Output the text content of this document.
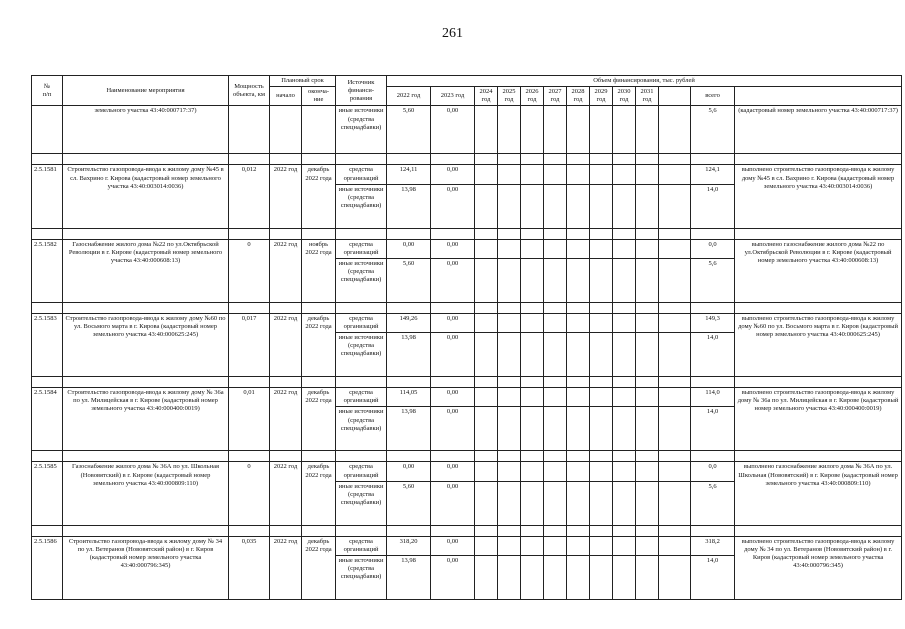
261
№
п/п	Наименование мероприятия	Мощность объекта, км	Плановый срок		Источник финанси-рования	Объем финансирования, тыс. рублей	
			начало	оконча-ние		2022 год	2023 год	2024 год	2025 год	2026 год	2027 год	2028 год	2029 год	2030 год	2031 год		всего		
	земельного участка 43:40:000717:37)				иные источники (средства спецнадбавки)	5,60	0,00										5,6	(кадастровый номер земельного участка 43:40:000717:37)	

2.5.1581	Строительство газопровода-ввода к жилому дому №45 в сл. Вахрино г. Кирова (кадастровый номер земельного участка 43:40:003014:0036)	0,012	2022 год	декабрь 2022 года	средства организаций	124,11	0,00										124,1	выполнено строительство газопровода-ввода к жилому дому №45 в сл. Вахрино г. Кирова (кадастровый номер земельного участка 43:40:003014:0036)	
					иные источники (средства спецнадбавки)	13,98	0,00										14,0		

2.5.1582	Газоснабжение жилого дома №22 по ул.Октябрьской Революции в г. Кирове (кадастровый номер земельного участка 43:40:000608:13)	0	2022 год	ноябрь 2022 года	средства организаций	0,00	0,00										0,0	выполнено газоснабжение жилого дома №22 по ул.Октябрьской Революции в г. Кирове (кадастровый номер земельного участка 43:40:000608:13)	
					иные источники (средства спецнадбавки)	5,60	0,00										5,6		

2.5.1583	Строительство газопровода-ввода к жилому дому №60 по ул. Восьмого марта в г. Кирова (кадастровый номер земельного участка 43:40:000625:245)	0,017	2022 год	декабрь 2022 года	средства организаций	149,26	0,00										149,3	выполнено строительство газопровода-ввода к жилому дому №60 по ул. Восьмого марта в г. Киров (кадастровый номер земельного участка 43:40:000625:245)	
					иные источники (средства спецнадбавки)	13,98	0,00										14,0		

2.5.1584	Строительство газопровода-ввода к жилому дому № 36а по ул. Милицейская в г. Кирове (кадастровый номер земельного участка 43:40:000400:0019)	0,01	2022 год	декабрь 2022 года	средства организаций	114,05	0,00										114,0	выполнено строительство газопровода-ввода к жилому дому № 36а по ул. Милицейская в г. Кирове (кадастровый номер земельного участка 43:40:000400:0019)	
					иные источники (средства спецнадбавки)	13,98	0,00										14,0		

2.5.1585	Газоснабжение жилого дома № 36А по ул. Школьная (Нововятский) в г. Кирове (кадастровый номер земельного участка 43:40:000809:110)	0	2022 год	декабрь 2022 года	средства организаций	0,00	0,00										0,0	выполнено газоснабжение жилого дома № 36А по ул. Школьная (Нововятский) в г. Кирове (кадастровый номер земельного участка 43:40:000809:110)	
					иные источники (средства спецнадбавки)	5,60	0,00										5,6		

2.5.1586	Строительство газопровода-ввода к жилому дому № 34 по ул. Ветеранов (Нововятский район) в г. Киров (кадастровый номер земельного участка 43:40:000796:345)	0,035	2022 год	декабрь 2022 года	средства организаций	318,20	0,00										318,2	выполнено строительство газопровода-ввода к жилому дому № 34 по ул. Ветеранов (Нововятский район) в г. Киров (кадастровый номер земельного участка 43:40:000796:345)	
					иные источники (средства спецнадбавки)	13,98	0,00										14,0		
